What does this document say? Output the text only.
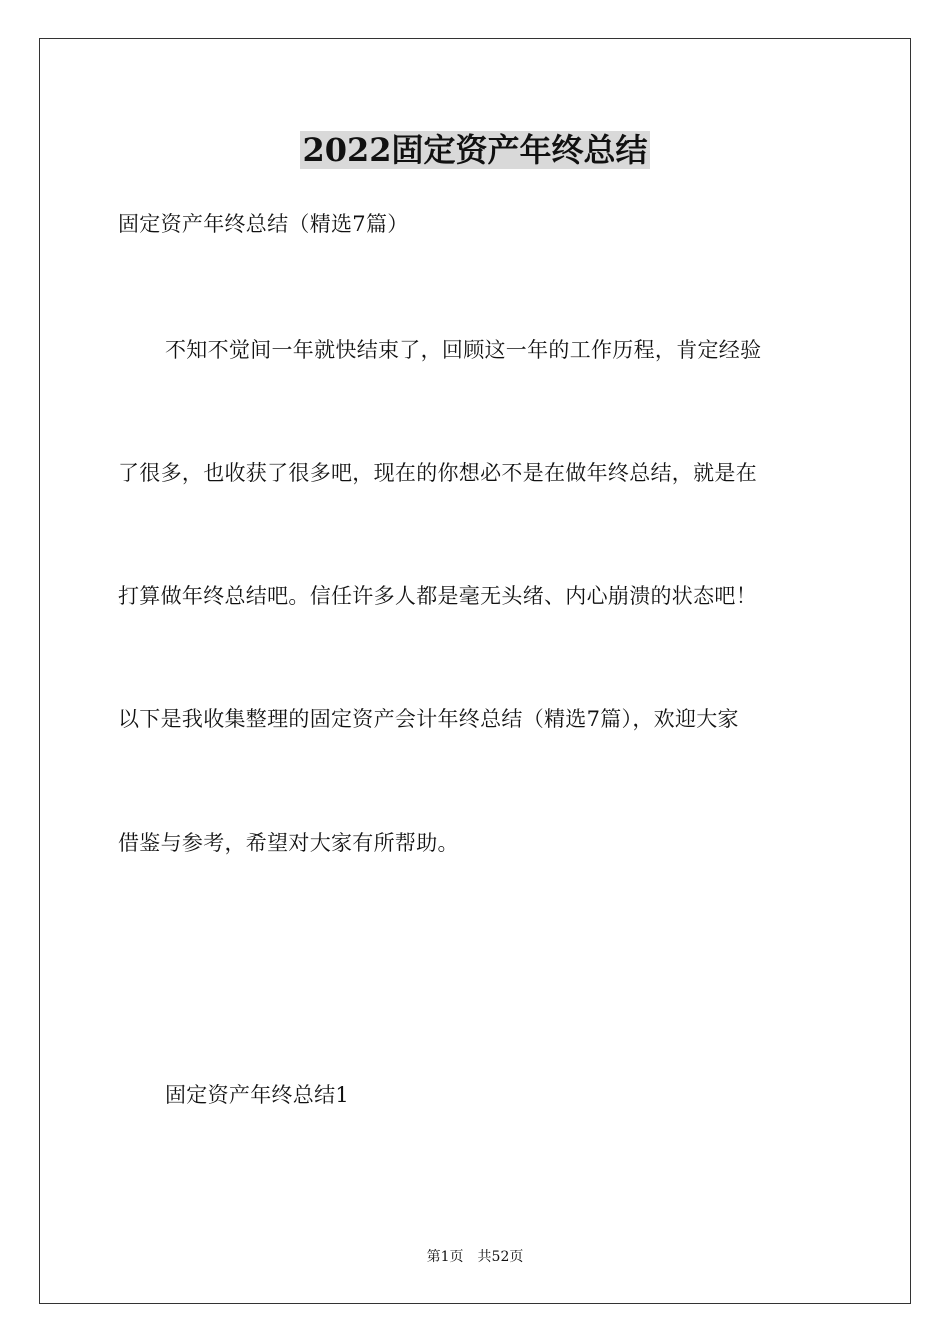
2022固定资产年终总结

固定资产年终总结（精选7篇）

不知不觉间一年就快结束了，回顾这一年的工作历程，肯定经验

了很多，也收获了很多吧，现在的你想必不是在做年终总结，就是在

打算做年终总结吧。信任许多人都是毫无头绪、内心崩溃的状态吧！

以下是我收集整理的固定资产会计年终总结（精选7篇），欢迎大家

借鉴与参考，希望对大家有所帮助。

固定资产年终总结1

第1页 共52页
